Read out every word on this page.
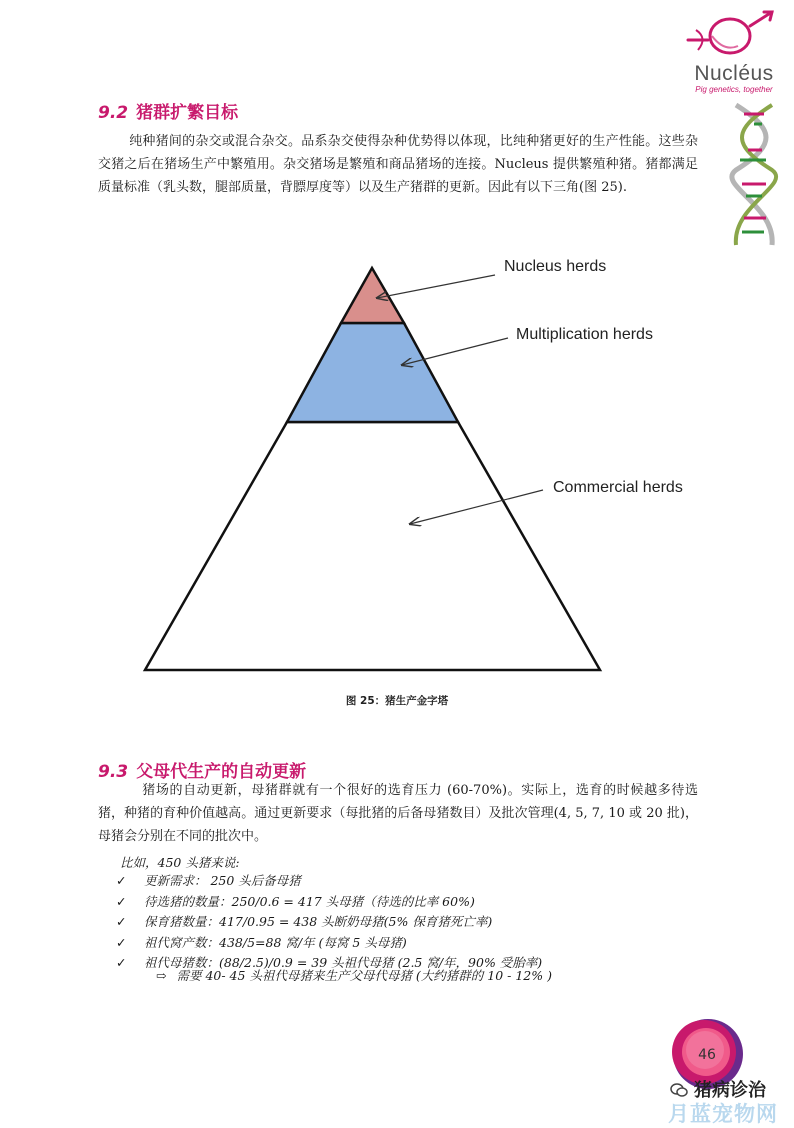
Nucléus
Pig genetics, together
9.2 猪群扩繁目标

纯种猪间的杂交或混合杂交。品系杂交使得杂种优势得以体现，比纯种猪更好的生产性能。这些杂交猪之后在猪场生产中繁殖用。杂交猪场是繁殖和商品猪场的连接。Nucleus 提供繁殖种猪。猪都满足质量标准（乳头数，腿部质量，背膘厚度等）以及生产猪群的更新。因此有以下三角(图 25).

Nucleus herds
Multiplication herds
Commercial herds
图 25：猪生产金字塔
9.3 父母代生产的自动更新

猪场的自动更新，母猪群就有一个很好的选育压力 (60-70%)。实际上，选育的时候越多待选猪，种猪的育种价值越高。通过更新要求（每批猪的后备母猪数目）及批次管理(4, 5, 7, 10 或 20 批)，母猪会分别在不同的批次中。

比如，450 头猪来说:
✓ 更新需求： 250 头后备母猪
✓ 待选猪的数量：250/0.6 = 417 头母猪（待选的比率 60%)
✓ 保育猪数量：417/0.95 = 438 头断奶母猪(5% 保育猪死亡率)
✓ 祖代窝产数：438/5=88 窝/年 (每窝 5 头母猪)
✓ 祖代母猪数：(88/2.5)/0.9 = 39 头祖代母猪 (2.5 窝/年，90% 受胎率)
⇨ 需要 40- 45 头祖代母猪来生产父母代母猪 (大约猪群的 10 - 12% )
46
猪病诊治
月蓝宠物网
